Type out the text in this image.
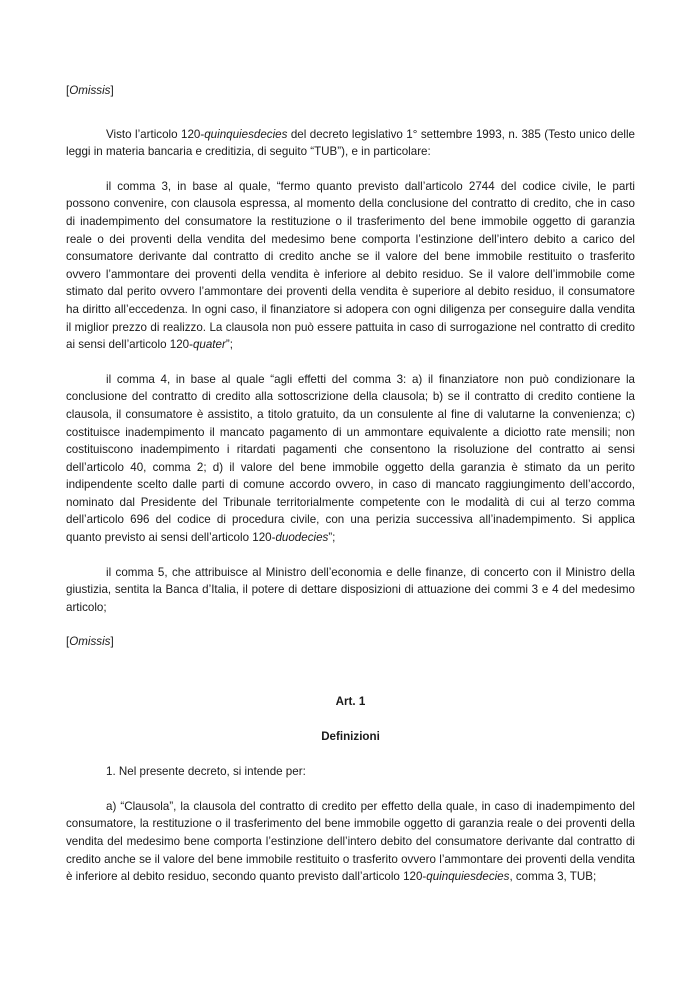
[Omissis]

Visto l’articolo 120-quinquiesdecies del decreto legislativo 1° settembre 1993, n. 385 (Testo unico delle leggi in materia bancaria e creditizia, di seguito “TUB”), e in particolare:

il comma 3, in base al quale, “fermo quanto previsto dall’articolo 2744 del codice civile, le parti possono convenire, con clausola espressa, al momento della conclusione del contratto di credito, che in caso di inadempimento del consumatore la restituzione o il trasferimento del bene immobile oggetto di garanzia reale o dei proventi della vendita del medesimo bene comporta l’estinzione dell’intero debito a carico del consumatore derivante dal contratto di credito anche se il valore del bene immobile restituito o trasferito ovvero l’ammontare dei proventi della vendita è inferiore al debito residuo. Se il valore dell’immobile come stimato dal perito ovvero l’ammontare dei proventi della vendita è superiore al debito residuo, il consumatore ha diritto all’eccedenza. In ogni caso, il finanziatore si adopera con ogni diligenza per conseguire dalla vendita il miglior prezzo di realizzo. La clausola non può essere pattuita in caso di surrogazione nel contratto di credito ai sensi dell’articolo 120-quater”;

il comma 4, in base al quale “agli effetti del comma 3: a) il finanziatore non può condizionare la conclusione del contratto di credito alla sottoscrizione della clausola; b) se il contratto di credito contiene la clausola, il consumatore è assistito, a titolo gratuito, da un consulente al fine di valutarne la convenienza; c) costituisce inadempimento il mancato pagamento di un ammontare equivalente a diciotto rate mensili; non costituiscono inadempimento i ritardati pagamenti che consentono la risoluzione del contratto ai sensi dell’articolo 40, comma 2; d) il valore del bene immobile oggetto della garanzia è stimato da un perito indipendente scelto dalle parti di comune accordo ovvero, in caso di mancato raggiungimento dell’accordo, nominato dal Presidente del Tribunale territorialmente competente con le modalità di cui al terzo comma dell’articolo 696 del codice di procedura civile, con una perizia successiva all’inadempimento. Si applica quanto previsto ai sensi dell’articolo 120-duodecies”;

il comma 5, che attribuisce al Ministro dell’economia e delle finanze, di concerto con il Ministro della giustizia, sentita la Banca d’Italia, il potere di dettare disposizioni di attuazione dei commi 3 e 4 del medesimo articolo;

[Omissis]

Art. 1

Definizioni

1. Nel presente decreto, si intende per:

a) “Clausola”, la clausola del contratto di credito per effetto della quale, in caso di inadempimento del consumatore, la restituzione o il trasferimento del bene immobile oggetto di garanzia reale o dei proventi della vendita del medesimo bene comporta l’estinzione dell’intero debito del consumatore derivante dal contratto di credito anche se il valore del bene immobile restituito o trasferito ovvero l’ammontare dei proventi della vendita è inferiore al debito residuo, secondo quanto previsto dall’articolo 120-quinquiesdecies, comma 3, TUB;
